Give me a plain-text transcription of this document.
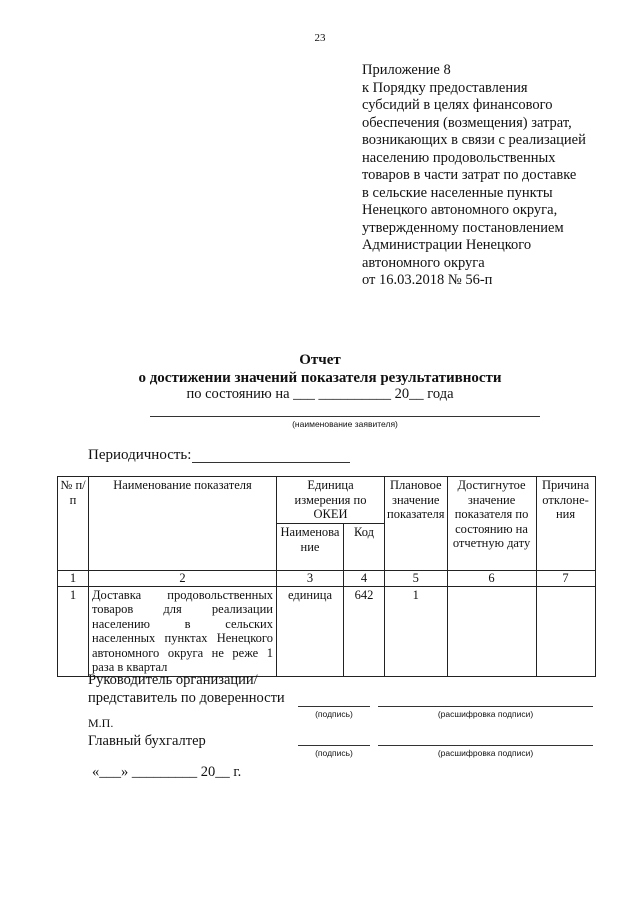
23
Приложение 8
к Порядку предоставления
субсидий в целях финансового
обеспечения (возмещения) затрат,
возникающих в связи с реализацией
населению продовольственных
товаров в части затрат по доставке
в сельские населенные пункты
Ненецкого автономного округа,
утвержденному постановлением
Администрации Ненецкого
автономного округа
от 16.03.2018 № 56-п
Отчет
о достижении значений показателя результативности
по состоянию на ___ __________ 20__ года
(наименование заявителя)
Периодичность:
№ п/п	Наименование показателя	Единица измерения по ОКЕИ		Плановое значение показателя	Достигнутое значение показателя по состоянию на отчетную дату	Причина отклоне-ния
		Наименова ние	Код			
1	2	3	4	5	6	7
1	Доставка продовольственных товаров для реализации населению в сельских населенных пунктах Ненецкого автономного округа не реже 1 раза в квартал	единица	642	1		
Руководитель организации/
представитель по доверенности
(подпись)	(расшифровка подписи)
М.П.
Главный бухгалтер
(подпись)	(расшифровка подписи)
«___» _________ 20__ г.
